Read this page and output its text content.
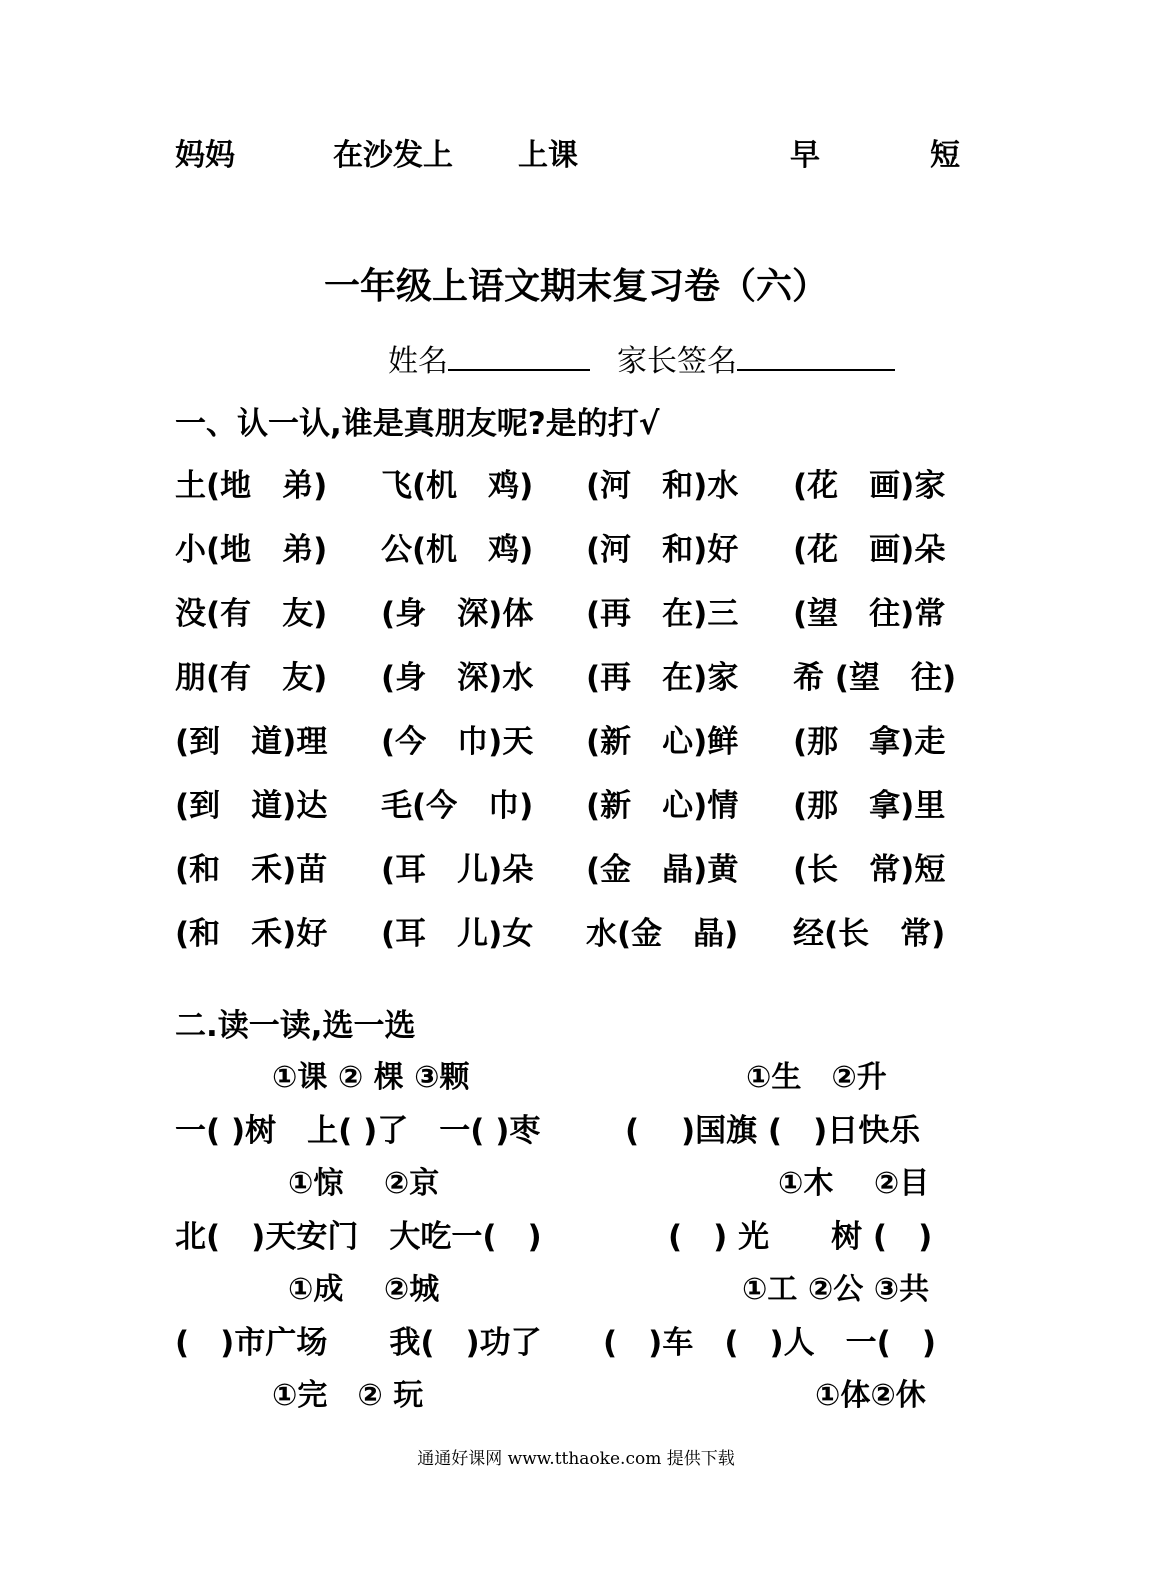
妈妈	在沙发上 上课	早	短
一年级上语文期末复习卷（六）
姓名	家长签名
一、认一认,谁是真朋友呢?是的打√
土(地　弟) 飞(机　鸡) (河　和)水 (花　画)家
小(地　弟) 公(机　鸡) (河　和)好 (花　画)朵
没(有　友) (身　深)体 (再　在)三 (望　往)常
朋(有　友) (身　深)水 (再　在)家 希 (望　往)
(到　道)理 (今　巾)天 (新　心)鲜 (那　拿)走
(到　道)达 毛(今　巾) (新　心)情 (那　拿)里
(和　禾)苗 (耳　儿)朵 (金　晶)黄 (长　常)短
(和　禾)好 (耳　儿)女 水(金　晶) 经(长　常)
二.读一读,选一选
①课 ② 棵 ③颗	①生　②升
一( )树　上( )了　一( )枣	(　 )国旗 (　)日快乐
①惊　 ②京	①木　 ②目
北(　)天安门　大吃一(　)	(　) 光　　树 (　)
①成　 ②城	①工 ②公 ③共
(　)市广场　　我(　)功了 (　)车　(　)人　一(　)
①完　② 玩	①体②休
通通好课网 www.tthaoke.com 提供下载
